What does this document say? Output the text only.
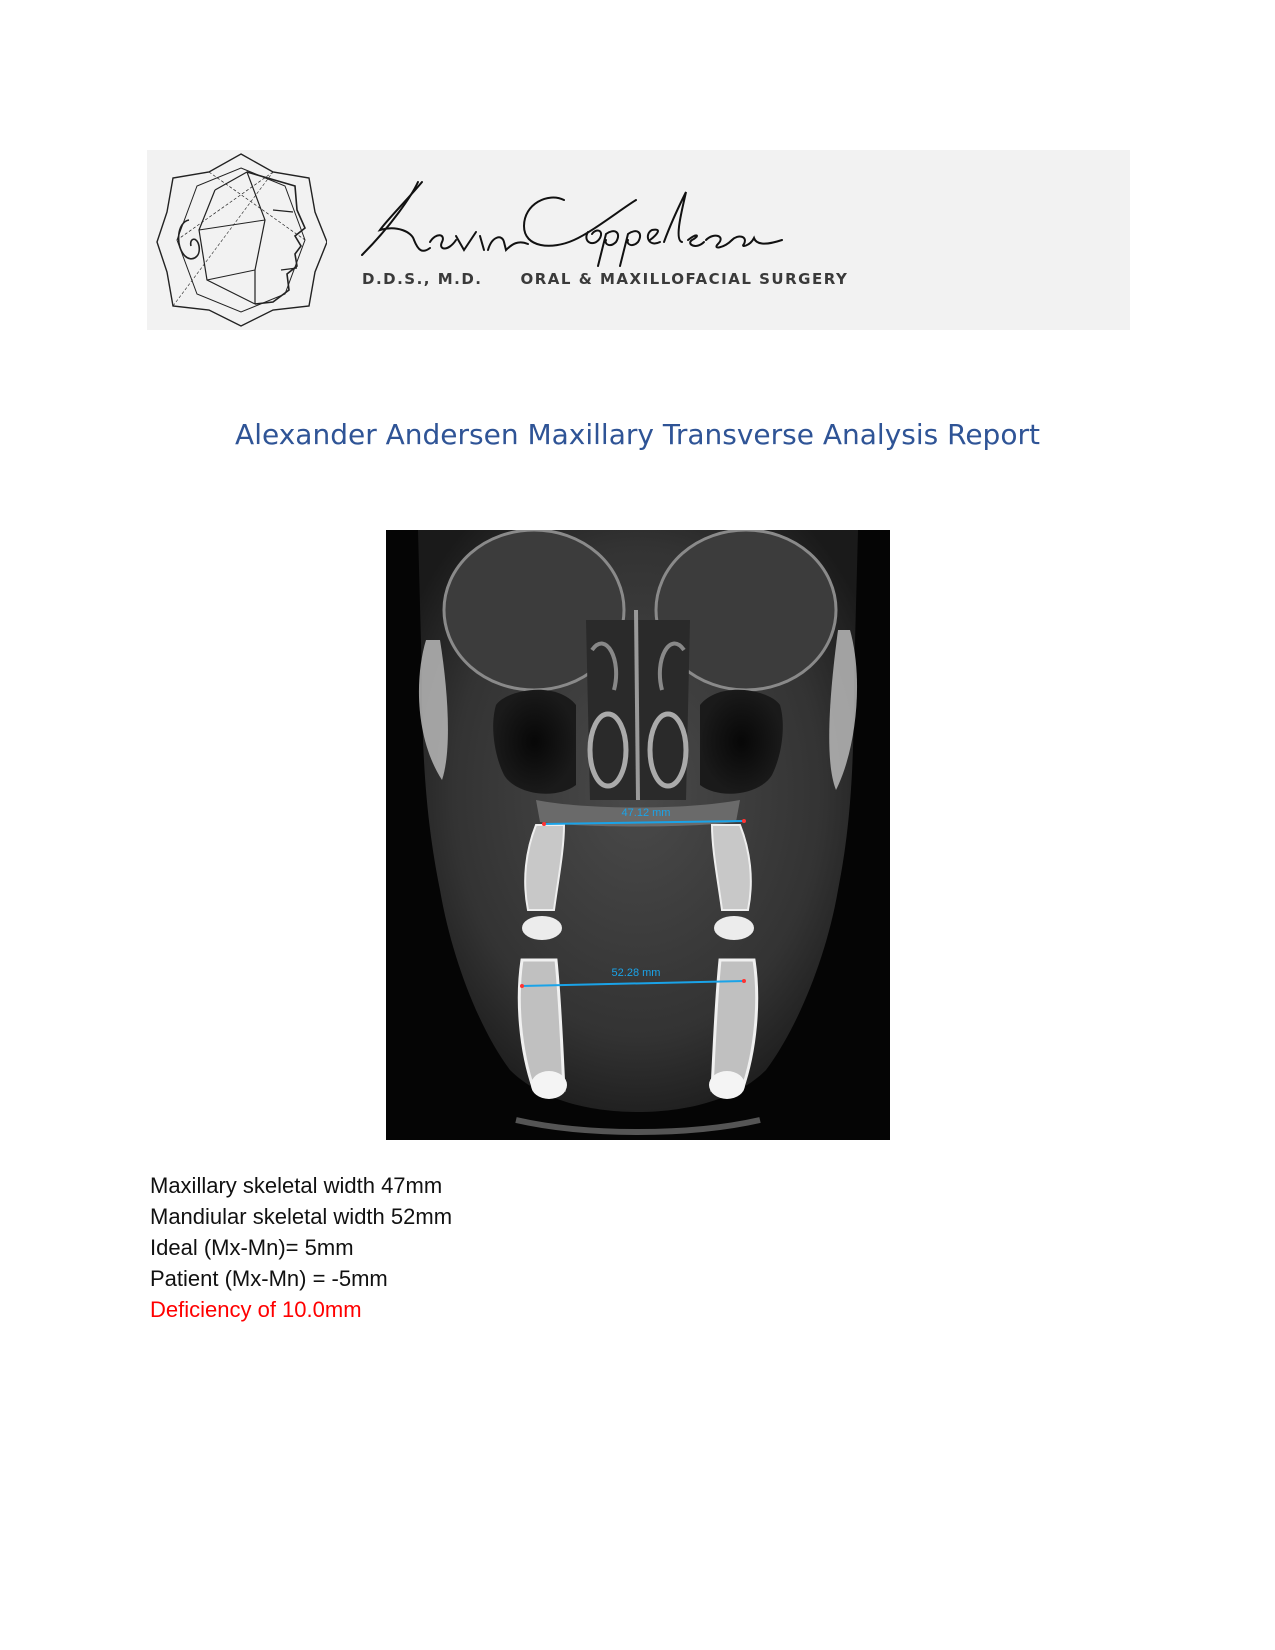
D.D.S., M.D.	ORAL & MAXILLOFACIAL SURGERY
Alexander Andersen Maxillary Transverse Analysis Report
47.12 mm
52.28 mm
Maxillary skeletal width 47mm
Mandiular skeletal width 52mm
Ideal (Mx-Mn)= 5mm
Patient (Mx-Mn) = -5mm
Deficiency of 10.0mm
